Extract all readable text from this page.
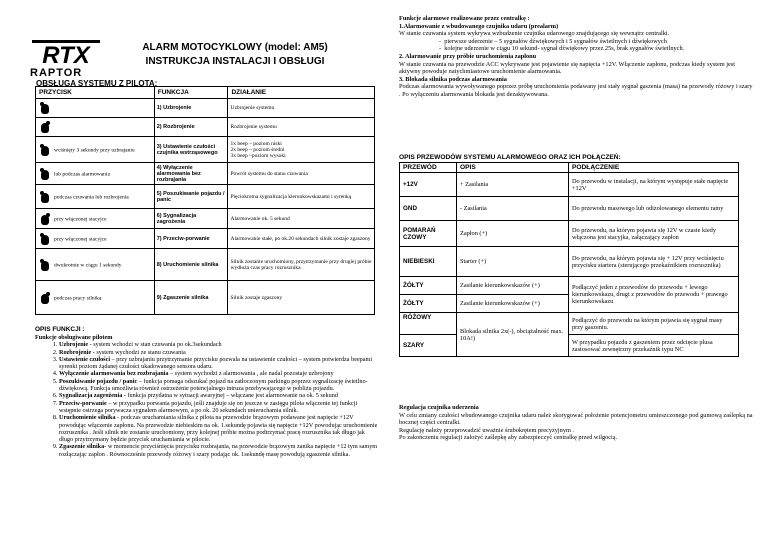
RTX
RAPTOR
ALARM MOTOCYKLOWY (model: AM5)
INSTRUKCJA INSTALACJI I OBSŁUGI
OBSŁUGA SYSTEMU Z PILOTA:
PRZYCISK	FUNKCJA	DZIAŁANIE

	1) Uzbrojenie	Uzbrojenie systemu

	2) Rozbrojenie	Rozbrojenie systemu

wciśnięty 3 sekundy przy uzbrajaniu	3) Ustawienie czułości czujnika wstrząsowego	1x beep – poziom niski
2x beep – poziom średni
3x beep –poziom wysoki

lub podczas alarmowania	4) Wyłączenie alarmowania bez rozbrajania	Powrót systemu do stanu czuwania

podczas czuwania lub rozbrojenia	5) Poszukiwanie pojazdu / panic	Pięciokrotna sygnalizacja kierunkowskazami i syrenką

przy włączonej stacyjce	6) Sygnalizacja zagrożenia	Alarmowanie ok. 5 sekund

przy włączonej stacyjce	7) Przeciw-porwanie	Alarmowanie stałe, po ok.20 sekundach silnik zostaje zgaszony

dwukrotnie w ciągu 1 sekundy	8) Uruchomienie silnika	Silnik zostanie uruchomiony, przytrzymanie przy drugiej próbie wydłuża czas pracy rozrusznika

podczas pracy silnika	9) Zgaszenie silnika	Silnik zostaje zgaszony
OPIS FUNKCJI :
Funkcje obsługiwane pilotem
1. Uzbrojenie - system wchodzi w stan czuwania po ok.3sekundach
2. Rozbrojenie - system wychodzi ze stanu czuwania
3. Ustawienie czułości – przy uzbrajaniu przytrzymanie przycisku pozwala na ustawienie czułości – system potwierdza beepami syrenki poziom żądanej czułości ukadowanego sensora udaru.
4. Wyłączenie alarmowania bez rozbrajania – system wychodzi z alarmowania , ale nadal pozostaje uzbrojony
5. Poszukiwanie pojazdu / panic – funkcja pomaga odszukać pojazd na zatłoczonym parkingu poprzez sygnalizację świetlno- dźwiękową. Funkcja umożliwia również ostrzeżenie potencjalnego intruza przebywającego w pobliżu pojazdu.
6. Sygnalizacja zagrożenia - funkcja przydatna w sytuacji awaryjnej – włączane jest alarmowanie na ok. 5 sekund
7. Przeciw-porwanie – w przypadku porwania pojazdu, jeśli znajduje się on jeszcze w zasięgu pilota włączenie tej funkcji wstępnie ostrzega porywacza sygnałem alarmowym, a po ok. 20 sekundach unieruchamia silnik.
8. Uruchomienie silnika - podczas uruchamiania silnika z pilota na przewodzie brązowym podawane jest napięcie +12V powodując włączenie zapłonu. Na przewodzie niebieskim na ok. 1.sekundę pojawia się napięcie +12V powodując uruchomienie rozrusznika . Jeśli silnik nie zostanie uruchomiony, przy kolejnej próbie można podtrzymać pracę rozrusznika tak długo jak długo przytrzymany będzie przycisk uruchamiania w pilocie.
9. Zgaszenie silnika- w momencie przyciśnięcia przycisku rozbrajania, na przewodzie brązowym zanika napięcie +12 tym samym rozłączając zapłon . Równocześnie przewody różowy i szary podając ok. 1sekundę masę powodują zgaszenie silnika.
Funkcje alarmowe realizowane przez centralkę :
1.Alarmowanie z wbudowanego czujnika udaru (prealarm)
W stanie czuwania system wykrywa wzbudzenie czujnika udarowego znajdującego się wewnątrz centralki.
-  pierwsze uderzenie – 5 sygnałów dźwiękowych i 5 sygnałów świetlnych i dźwiękowych
-  kolejne uderzenie w ciągu 10 sekund- sygnał dźwiękowy przez 25s, brak sygnałów świetlnych.
2. Alarmowanie przy próbie uruchomienia zapłonu
W stanie czuwania na przewodzie ACC wykrywane jest pojawienie się napięcia +12V. Włączenie zapłonu, podczas kiedy system jest aktywny powoduje natychmiastowe uruchomienie alarmowania.
3. Blokada silnika podczas alarmowania
Podczas alarmowania wywoływanego poprzez próbę uruchomienia podawany jest stały sygnał gaszenia (masa) na przewody różowy i szary . Po wyłączeniu alarmowania blokada jest dezaktywowana.
OPIS PRZEWODÓW SYSTEMU ALARMOWEGO ORAZ ICH POŁĄCZEŃ:
PRZEWÓD	OPIS	PODŁĄCZENIE
+12V	+ Zasilania	Do przewodu w instalacji, na którym występuje stałe napięcie +12V
GND	- Zasilania	Do przewodu masowego lub odizolowanego elementu ramy
POMARAŃ CZOWY	Zapłon (+)	Do przewodu, na którym pojawia się 12V w czasie kiedy włączona jest stacyjka, załączający zapłon
NIEBIESKI	Starter (+)	Do przewodu, na którym pojawia się + 12V przy wciśnięciu przycisku startera (sterującego przekaźnikiem rozrusznika)
ŻÓŁTY	Zasilanie kierunkowskazów (+)	Podłączyć jeden z przewodów do przewodu + lewego kierunkowskazu, drugi z przewodów do przewodu + prawego kierunkowskazu
ŻÓŁTY	Zasilanie kierunkowskazów (+)	
RÓŻOWY	Blokada silnika 2x(-), obciążalność max. 10A!)	Podłączyć do przewodu na którym pojawia się sygnał masy przy gaszeniu.
SZARY		W przypadku pojazdu z gaszeniem przez odcięcie plusa zastosować zewnętrzny przekaźnik typu NC
Regulacja czujnika uderzenia
W celu zmiany czułości wbudowanego czujnika udaru należ skorygować położenie potencjometru umieszczonego pod gumową zaślepką na bocznej części centralki.
Regulację należy przeprowadzić uważnie śrubokrętem precyzyjnym .
Po zakończeniu regulacji założyć zaślepkę aby zabezpieczyć centralkę przed wilgocią.
